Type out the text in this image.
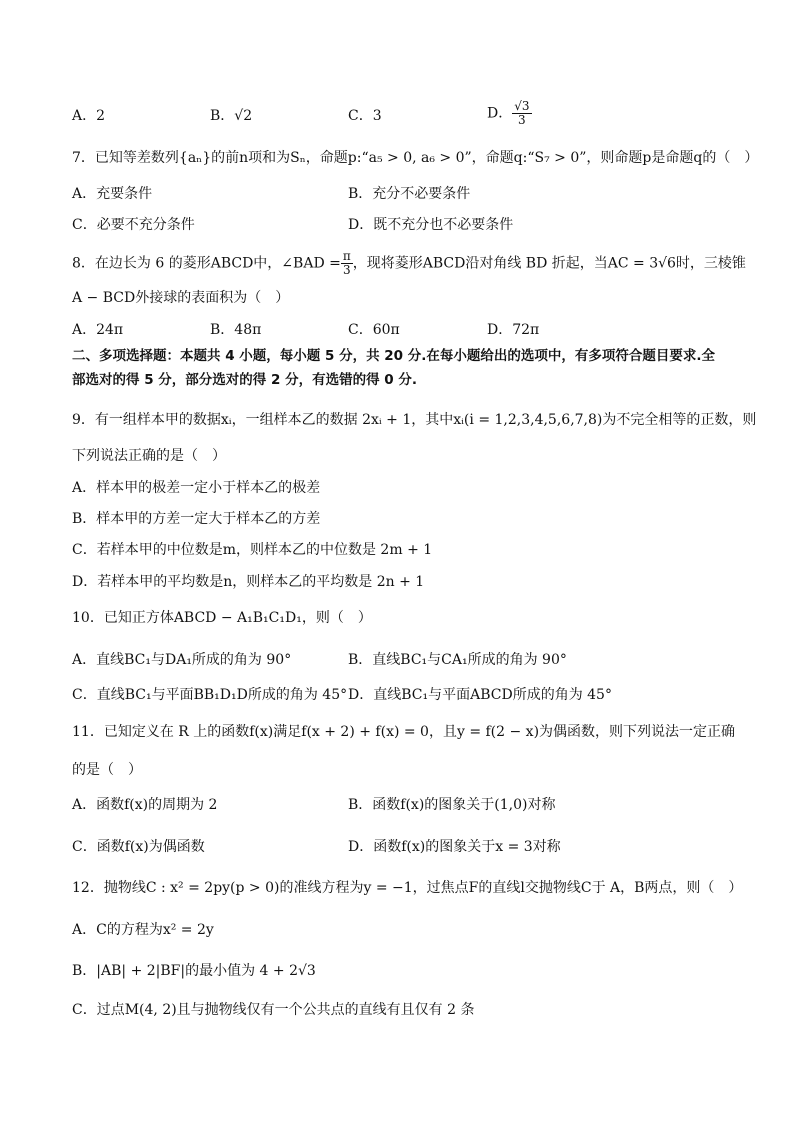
A．2	B．√2	C．3	D． $\frac{√3}{3}$
7．已知等差数列{aₙ}的前n项和为Sₙ，命题p:“a₅ > 0, a₆ > 0”，命题q:“S₇ > 0”，则命题p是命题q的（　）
A．充要条件	B．充分不必要条件
C．必要不充分条件	D．既不充分也不必要条件
8．在边长为 6 的菱形ABCD中，∠BAD = $\frac{\pi}{3}$ ，现将菱形ABCD沿对角线 BD 折起，当AC = 3√6时，三棱锥
A − BCD外接球的表面积为（　）
A．24π	B．48π	C．60π	D．72π
二、多项选择题：本题共 4 小题，每小题 5 分，共 20 分.在每小题给出的选项中，有多项符合题目要求.全
部选对的得 5 分，部分选对的得 2 分，有选错的得 0 分.
9．有一组样本甲的数据xᵢ，一组样本乙的数据 2xᵢ + 1，其中xᵢ(i = 1,2,3,4,5,6,7,8)为不完全相等的正数，则
下列说法正确的是（　）
A．样本甲的极差一定小于样本乙的极差
B．样本甲的方差一定大于样本乙的方差
C．若样本甲的中位数是m，则样本乙的中位数是 2m + 1
D．若样本甲的平均数是n，则样本乙的平均数是 2n + 1
10．已知正方体ABCD − A₁B₁C₁D₁，则（　）
A．直线BC₁与DA₁所成的角为 90°	B．直线BC₁与CA₁所成的角为 90°
C．直线BC₁与平面BB₁D₁D所成的角为 45° D．直线BC₁与平面ABCD所成的角为 45°
11．已知定义在 R 上的函数f(x)满足f(x + 2) + f(x) = 0，且y = f(2 − x)为偶函数，则下列说法一定正确
的是（　）
A．函数f(x)的周期为 2	B．函数f(x)的图象关于(1,0)对称
C．函数f(x)为偶函数	D．函数f(x)的图象关于x = 3对称
12．抛物线C : x² = 2py(p > 0)的准线方程为y = −1，过焦点F的直线l交抛物线C于 A，B两点，则（　）
A．C的方程为x² = 2y
B．|AB| + 2|BF|的最小值为 4 + 2√3
C．过点M(4, 2)且与抛物线仅有一个公共点的直线有且仅有 2 条
